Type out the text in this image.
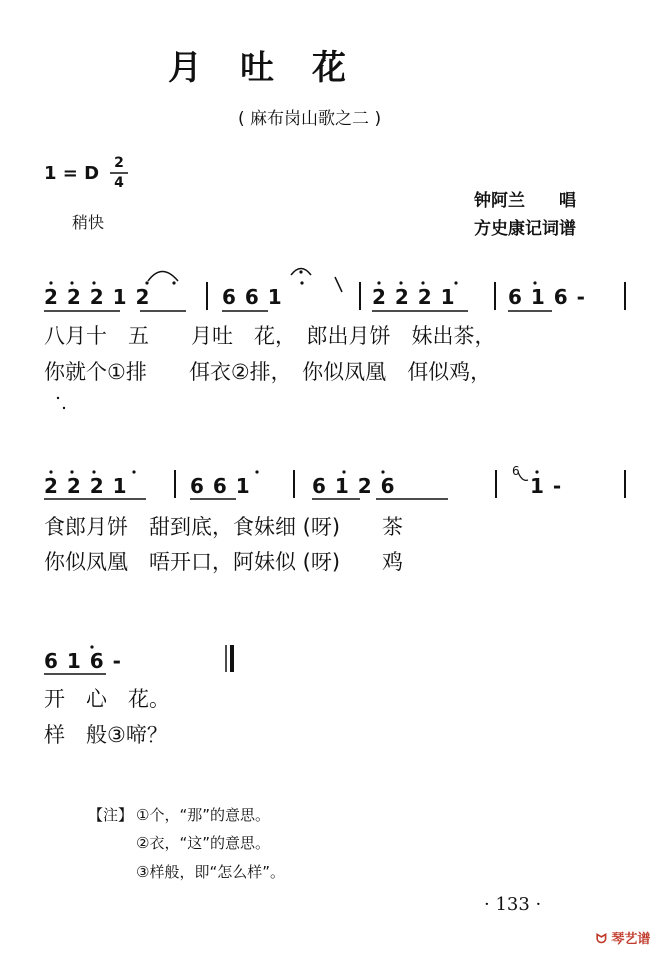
月　吐　花
( 麻布岗山歌之二 )
1 = D 2
4
稍快
钟阿兰　　唱
方史康记词谱
2 2 2 1 2	6 6 1	2 2 2 1	6 1 6 -
八月十　五　　月吐　花，　郎出月饼　妹出茶，
你就个①排　　佴衣②排，　你似凤凰　佴似鸡，
2 2 2 1	6 6 1	6 1 2 6
6
1 -
食郎月饼　甜到底，食妹细 (呀)　　茶
你似凤凰　唔开口，阿妹似 (呀)　　鸡
6 1 6 -
开　心　花。
样　般③啼？
【注】 ①个，“那”的意思。
②衣，“这”的意思。
③样般，即“怎么样”。
· 133 ·
ᗢ 琴艺谱
